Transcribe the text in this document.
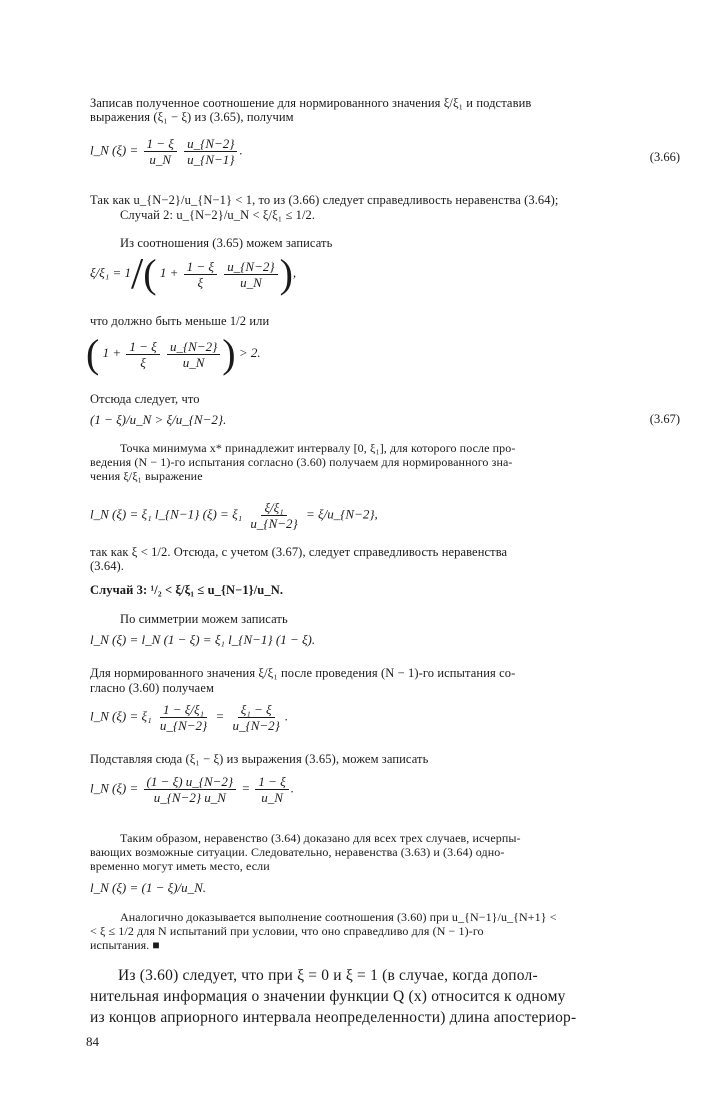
Записав полученное соотношение для нормированного значения ξ/ξ₁ и подставив
выражения (ξ₁ − ξ) из (3.65), получим
l_N $(\xi) = \frac{1 - \xi}{u\_N}$
$\frac{u\_\{N-2\}}{u\_\{N-1\}}$ .	(3.66)
Так как u_{N−2}/u_{N−1} < 1, то из (3.66) следует справедливость неравенства (3.64);
Случай 2: u_{N−2}/u_N < ξ/ξ₁ ≤ 1/2.
Из соотношения (3.65) можем записать
ξ/ξ₁ = 1/( $1 + \frac{1 - \xi}{\xi}$
$\frac{u\_\{N-2\}}{u\_N}$ ),
что должно быть меньше 1/2 или
( $1 + \frac{1 - \xi}{\xi}$
$\frac{u\_\{N-2\}}{u\_N}$ ) > 2.
Отсюда следует, что
(1 − ξ)/u_N > ξ/u_{N−2}.	(3.67)
Точка минимума x* принадлежит интервалу [0, ξ₁], для которого после про-
ведения (N − 1)-го испытания согласно (3.60) получаем для нормированного зна-
чения ξ/ξ₁ выражение
l_N (ξ) = ξ₁ l_{N−1} $(\xi) = \xi_1 \frac{\text{ξ/ξ₁}}{u\_\{N-2\}}$ = ξ/u_{N−2},
так как ξ < 1/2. Отсюда, с учетом (3.67), следует справедливость неравенства
(3.64).
Случай 3: ¹/₂ < ξ/ξ₁ ≤ u_{N−1}/u_N.
По симметрии можем записать
l_N (ξ) = l_N (1 − ξ) = ξ₁ l_{N−1} (1 − ξ).
Для нормированного значения ξ/ξ₁ после проведения (N − 1)-го испытания со-
гласно (3.60) получаем
l_N $(\xi) = \xi_1 \frac{\text{1 − ξ/ξ₁}}{u\_\{N-2\}} = \frac{\text{ξ₁ − ξ}}{u\_\{N-2\}}$ .
Подставляя сюда (ξ₁ − ξ) из выражения (3.65), можем записать
l_N $(\xi) = \frac{(1 - \xi) u\_\{N-2\}}{u\_\{N-2\} u\_N} = \frac{1 - \xi}{u\_N}$ .
Таким образом, неравенство (3.64) доказано для всех трех случаев, исчерпы-
вающих возможные ситуации. Следовательно, неравенства (3.63) и (3.64) одно-
временно могут иметь место, если
l_N (ξ) = (1 − ξ)/u_N.
Аналогично доказывается выполнение соотношения (3.60) при u_{N−1}/u_{N+1} <
< ξ ≤ 1/2 для N испытаний при условии, что оно справедливо для (N − 1)-го
испытания. ■
Из (3.60) следует, что при ξ = 0 и ξ = 1 (в случае, когда допол-
нительная информация о значении функции Q (x) относится к одному
из концов априорного интервала неопределенности) длина апостериор-
84
